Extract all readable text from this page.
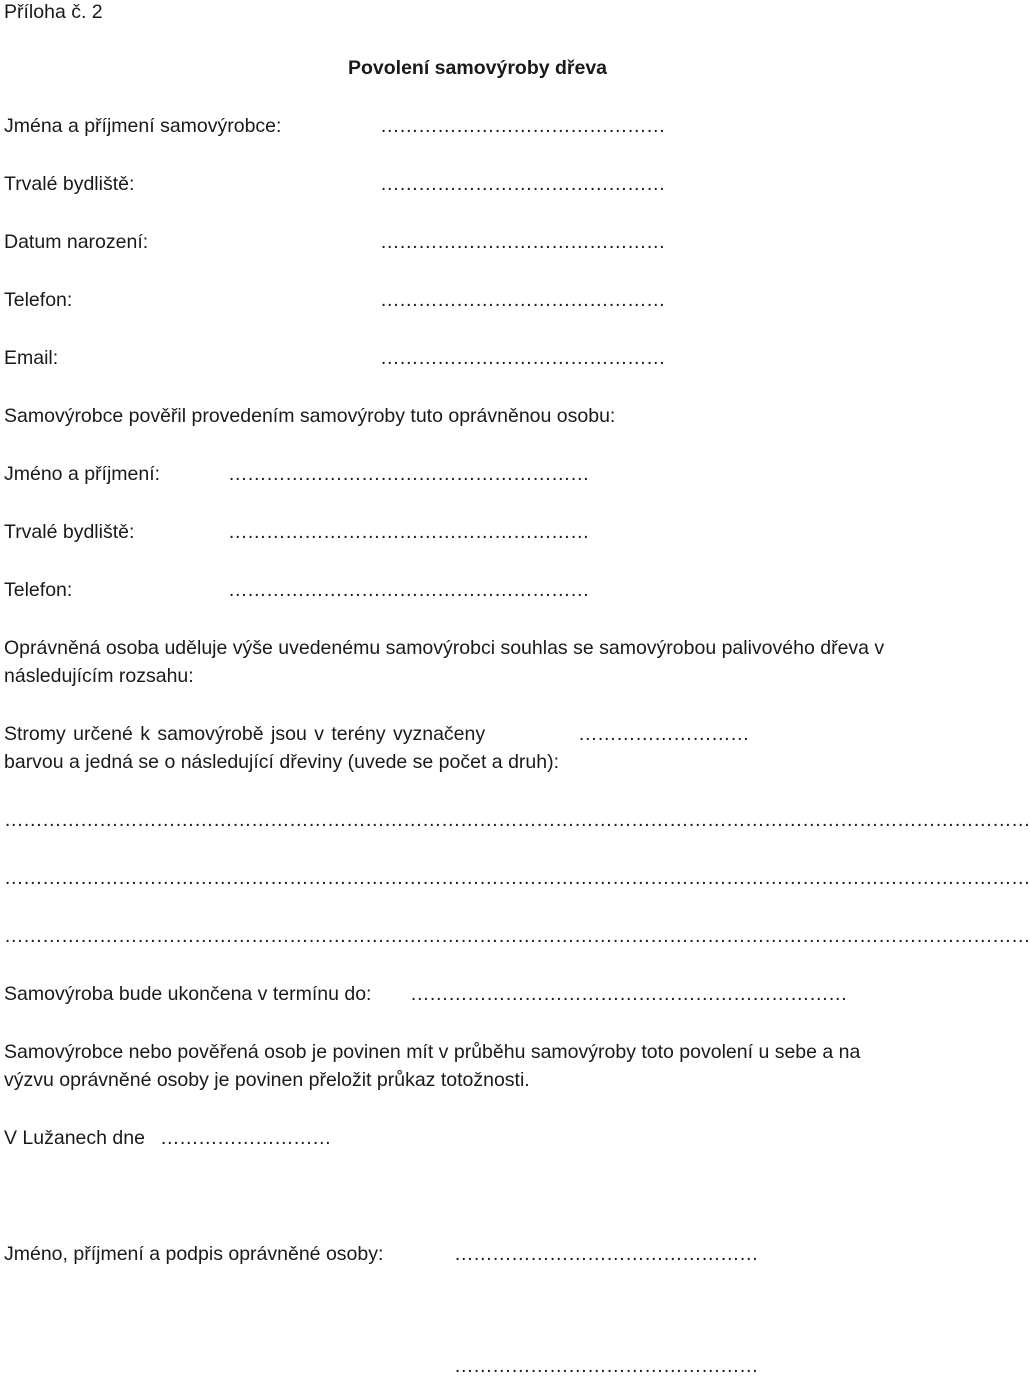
Příloha č. 2
Povolení samovýroby dřeva
Jména a příjmení samovýrobce:	………………………………………
Trvalé bydliště:	………………………………………
Datum narození:	………………………………………
Telefon:	………………………………………
Email:	………………………………………
Samovýrobce pověřil provedením samovýroby tuto oprávněnou osobu:
Jméno a příjmení:	…………………………………………………
Trvalé bydliště:	…………………………………………………
Telefon:	…………………………………………………
Oprávněná osoba uděluje výše uvedenému samovýrobci souhlas se samovýrobou palivového dřeva v
následujícím rozsahu:
Stromy určené k samovýrobě jsou v terény vyznačeny	………………………
barvou a jedná se o následující dřeviny (uvede se počet a druh):
………………………………………………………………………………………………………………………………………………
………………………………………………………………………………………………………………………………………………
………………………………………………………………………………………………………………………………………………
Samovýroba bude ukončena v termínu do: ……………………………………………………………
Samovýrobce nebo pověřená osob je povinen mít v průběhu samovýroby toto povolení u sebe a na
výzvu oprávněné osoby je povinen přeložit průkaz totožnosti.
V Lužanech dne ………………………
Jméno, příjmení a podpis oprávněné osoby:	…………………………………………
…………………………………………
